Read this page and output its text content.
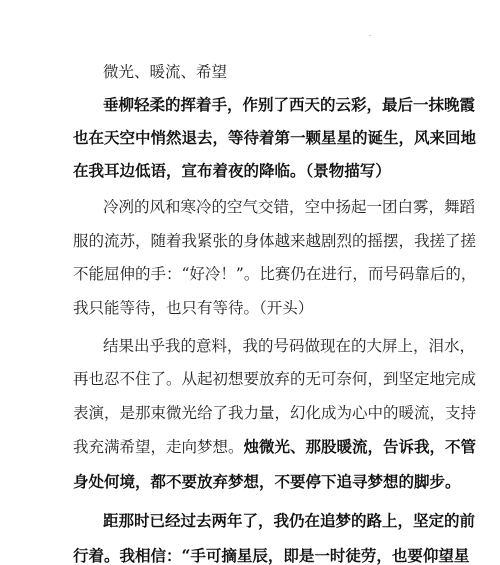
·
微光、暖流、希望
垂柳轻柔的挥着手，作别了西天的云彩，最后一抹晚霞
也在天空中悄然退去，等待着第一颗星星的诞生，风来回地
在我耳边低语，宣布着夜的降临。（景物描写）
冷冽的风和寒冷的空气交错，空中扬起一团白雾，舞蹈
服的流苏，随着我紧张的身体越来越剧烈的摇摆，我搓了搓
不能屈伸的手：“好冷！”。比赛仍在进行，而号码靠后的，
我只能等待，也只有等待。（开头）
结果出乎我的意料，我的号码做现在的大屏上，泪水，
再也忍不住了。从起初想要放弃的无可奈何，到坚定地完成
表演，是那束微光给了我力量，幻化成为心中的暖流，支持
我充满希望，走向梦想。烛微光、那股暖流，告诉我，不管
身处何境，都不要放弃梦想，不要停下追寻梦想的脚步。
距那时已经过去两年了，我仍在追梦的路上，坚定的前
行着。我相信：“手可摘星辰，即是一时徒劳，也要仰望星
